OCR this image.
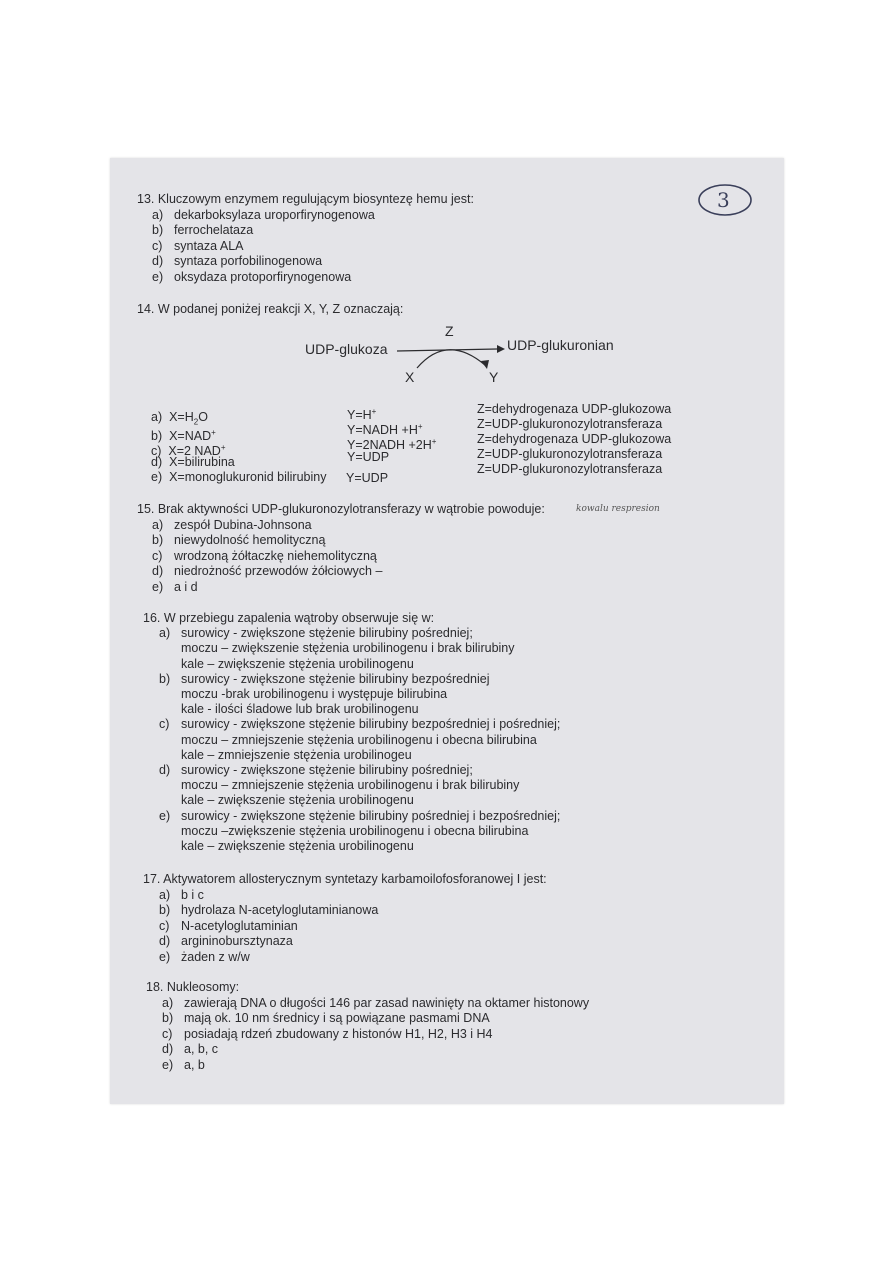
3

13. Kluczowym enzymem regulującym biosyntezę hemu jest:

a) dekarboksylaza uroporfirynogenowa
b) ferrochelataza
c) syntaza ALA
d) syntaza porfobilinogenowa
e) oksydaza protoporfirynogenowa

14. W podanej poniżej reakcji X, Y, Z oznaczają:

UDP-glukoza
Z
UDP-glukuronian
X	Y
a) $X=H_2O$
b) X=NAD+
c) X=2 NAD+
d) X=bilirubina
e) X=monoglukuronid bilirubiny
Y=H+
Y=NADH +H+
Y=2NADH +2H+
Y=UDP
Z=dehydrogenaza UDP-glukozowa
Z=UDP-glukuronozylotransferaza
Z=dehydrogenaza UDP-glukozowa
Z=UDP-glukuronozylotransferaza
Z=UDP-glukuronozylotransferaza
Y=UDP

15. Brak aktywności UDP-glukuronozylotransferazy w wątrobie powoduje:

a) zespół Dubina-Johnsona
b) niewydolność hemolityczną
c) wrodzoną żółtaczkę niehemolityczną
d) niedrożność przewodów żółciowych –
e) a i d
kowalu respresion

16. W przebiegu zapalenia wątroby obserwuje się w:

a) surowicy - zwiększone stężenie bilirubiny pośredniej;
moczu – zwiększenie stężenia urobilinogenu i brak bilirubiny
kale – zwiększenie stężenia urobilinogenu
b) surowicy - zwiększone stężenie bilirubiny bezpośredniej
moczu -brak urobilinogenu i występuje bilirubina
kale - ilości śladowe lub brak urobilinogenu
c) surowicy - zwiększone stężenie bilirubiny bezpośredniej i pośredniej;
moczu – zmniejszenie stężenia urobilinogenu i obecna bilirubina
kale – zmniejszenie stężenia urobilinogeu
d) surowicy - zwiększone stężenie bilirubiny pośredniej;
moczu – zmniejszenie stężenia urobilinogenu i brak bilirubiny
kale – zwiększenie stężenia urobilinogenu
e) surowicy - zwiększone stężenie bilirubiny pośredniej i bezpośredniej;
moczu –zwiększenie stężenia urobilinogenu i obecna bilirubina
kale – zwiększenie stężenia urobilinogenu

17. Aktywatorem allosterycznym syntetazy karbamoilofosforanowej I jest:

a) b i c
b) hydrolaza N-acetyloglutaminianowa
c) N-acetyloglutaminian
d) argininobursztynaza
e) żaden z w/w

18. Nukleosomy:

a) zawierają DNA o długości 146 par zasad nawinięty na oktamer histonowy
b) mają ok. 10 nm średnicy i są powiązane pasmami DNA
c) posiadają rdzeń zbudowany z histonów H1, H2, H3 i H4
d) a, b, c
e) a, b
